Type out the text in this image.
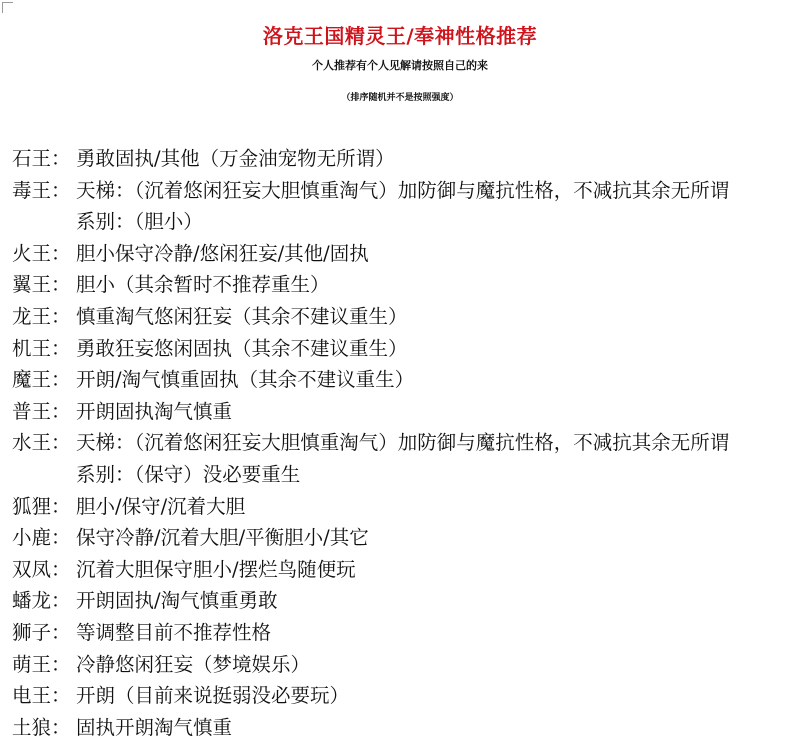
洛克王国精灵王/奉神性格推荐
个人推荐有个人见解请按照自己的来
（排序随机并不是按照强度）
石王： 勇敢固执/其他（万金油宠物无所谓）
毒王： 天梯：（沉着悠闲狂妄大胆慎重淘气）加防御与魔抗性格，不减抗其余无所谓
系别：（胆小）
火王： 胆小保守冷静/悠闲狂妄/其他/固执
翼王： 胆小（其余暂时不推荐重生）
龙王： 慎重淘气悠闲狂妄（其余不建议重生）
机王： 勇敢狂妄悠闲固执（其余不建议重生）
魔王： 开朗/淘气慎重固执（其余不建议重生）
普王： 开朗固执淘气慎重
水王： 天梯：（沉着悠闲狂妄大胆慎重淘气）加防御与魔抗性格，不减抗其余无所谓
系别：（保守）没必要重生
狐狸： 胆小/保守/沉着大胆
小鹿： 保守冷静/沉着大胆/平衡胆小/其它
双凤： 沉着大胆保守胆小/摆烂鸟随便玩
蟠龙： 开朗固执/淘气慎重勇敢
狮子： 等调整目前不推荐性格
萌王： 冷静悠闲狂妄（梦境娱乐）
电王： 开朗（目前来说挺弱没必要玩）
土狼： 固执开朗淘气慎重
